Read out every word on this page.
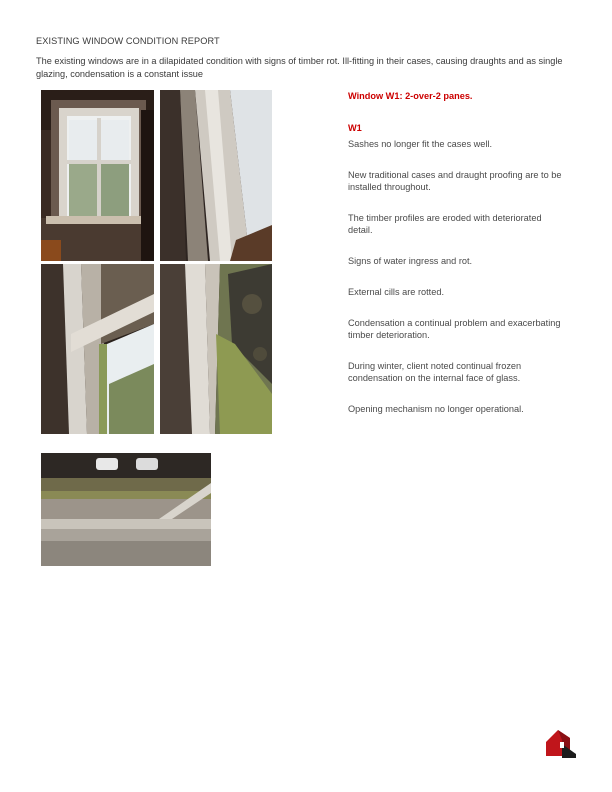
EXISTING WINDOW CONDITION REPORT
The existing windows are in a dilapidated condition with signs of timber rot. Ill-fitting in their cases, causing draughts and as single glazing, condensation is a constant issue
Window W1: 2-over-2 panes.
W1
Sashes no longer fit the cases well.
New traditional cases and draught proofing are to be installed throughout.
The timber profiles are eroded with deteriorated detail.
Signs of water ingress and rot.
External cills are rotted.
Condensation a continual problem and exacerbating timber deterioration.
During winter, client noted continual frozen condensation on the internal face of glass.
Opening mechanism no longer operational.
